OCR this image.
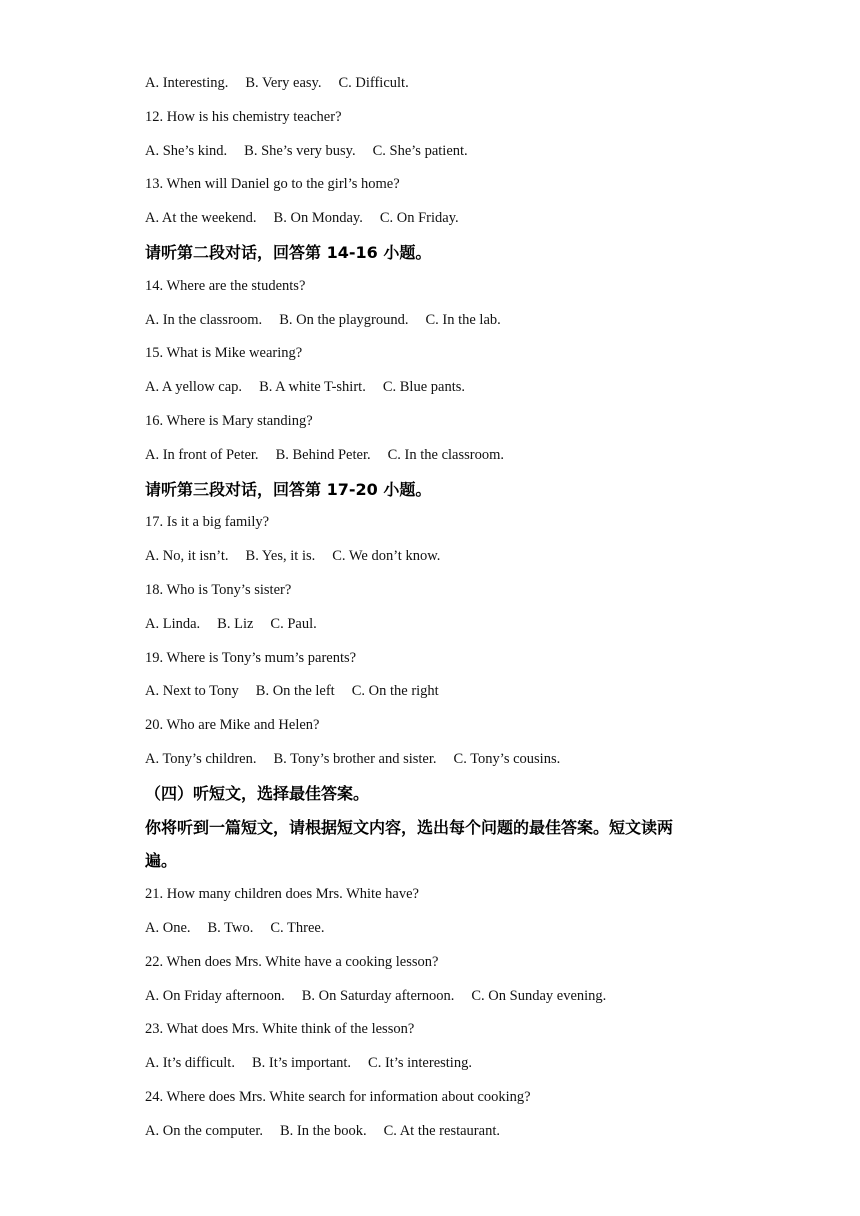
A. Interesting. B. Very easy. C. Difficult.
12. How is his chemistry teacher?
A. She’s kind. B. She’s very busy. C. She’s patient.
13. When will Daniel go to the girl’s home?
A. At the weekend. B. On Monday. C. On Friday.
请听第二段对话，回答第 14-16 小题。
14. Where are the students?
A. In the classroom. B. On the playground. C. In the lab.
15. What is Mike wearing?
A. A yellow cap. B. A white T-shirt. C. Blue pants.
16. Where is Mary standing?
A. In front of Peter. B. Behind Peter. C. In the classroom.
请听第三段对话，回答第 17-20 小题。
17. Is it a big family?
A. No, it isn’t. B. Yes, it is. C. We don’t know.
18. Who is Tony’s sister?
A. Linda. B. Liz C. Paul.
19. Where is Tony’s mum’s parents?
A. Next to Tony B. On the left C. On the right
20. Who are Mike and Helen?
A. Tony’s children. B. Tony’s brother and sister. C. Tony’s cousins.
（四）听短文，选择最佳答案。
你将听到一篇短文，请根据短文内容，选出每个问题的最佳答案。短文读两
遍。
21. How many children does Mrs. White have?
A. One. B. Two. C. Three.
22. When does Mrs. White have a cooking lesson?
A. On Friday afternoon. B. On Saturday afternoon. C. On Sunday evening.
23. What does Mrs. White think of the lesson?
A. It’s difficult. B. It’s important. C. It’s interesting.
24. Where does Mrs. White search for information about cooking?
A. On the computer. B. In the book. C. At the restaurant.
